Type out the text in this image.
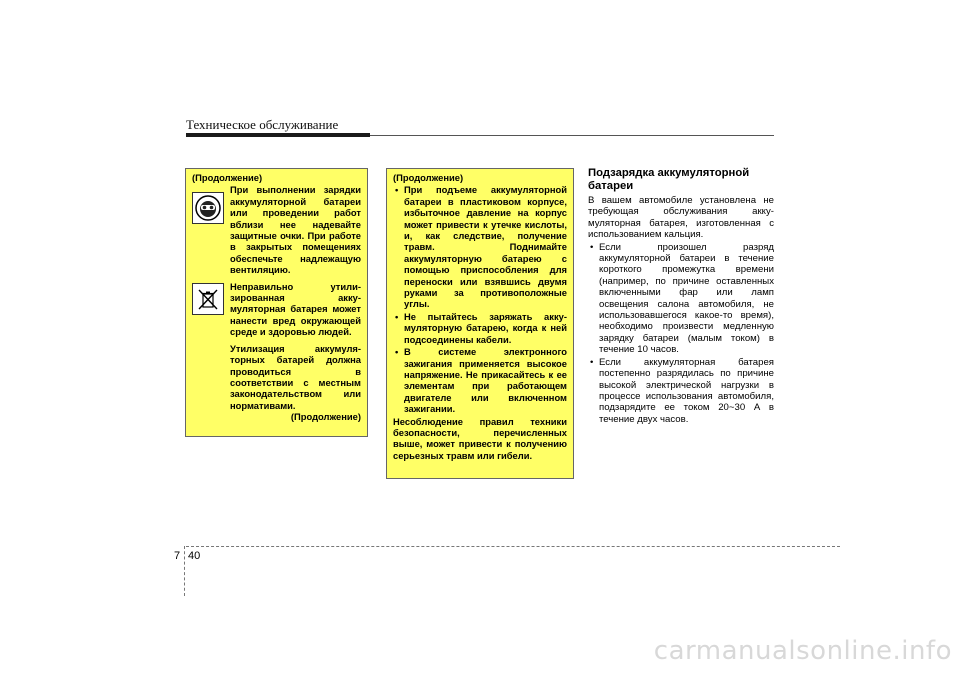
Техническое обслуживание
(Продолжение)
При выполнении зарядки аккумуляторной батареи или проведении работ вблизи нее надевайте защитные очки. При работе в закрытых помещениях обеспечьте надлежащую вентиляцию.
Неправильно утилизированная аккумуляторная батарея может нанести вред окружающей среде и здоровью людей.
Утилизация аккумуляторных батарей должна проводиться в соответствии с местным законодательством или нормативами.
(Продолжение)
(Продолжение)
• При подъеме аккумуляторной батареи в пластиковом корпусе, избыточное давление на корпус может привести к утечке кислоты, и, как следствие, получение травм. Поднимайте аккумуляторную батарею с помощью приспособления для переноски или взявшись двумя руками за противоположные углы.
• Не пытайтесь заряжать аккумуляторную батарею, когда к ней подсоединены кабели.
• В системе электронного зажигания применяется высокое напряжение. Не прикасайтесь к ее элементам при работающем двигателе или включенном зажигании.

Несоблюдение правил техники безопасности, перечисленных выше, может привести к получению серьезных травм или гибели.

Подзарядка аккумуляторной батареи

В вашем автомобиле установлена не требующая обслуживания аккумуляторная батарея, изготовленная с использованием кальция.

• Если произошел разряд аккумуляторной батареи в течение короткого промежутка времени (например, по причине оставленных включенными фар или ламп освещения салона автомобиля, не использовавшегося какое-то время), необходимо произвести медленную зарядку батареи (малым током) в течение 10 часов.
• Если аккумуляторная батарея постепенно разрядилась по причине высокой электрической нагрузки в процессе использования автомобиля, подзарядите ее током 20~30 А в течение двух часов.
7 40
carmanualsonline.info
